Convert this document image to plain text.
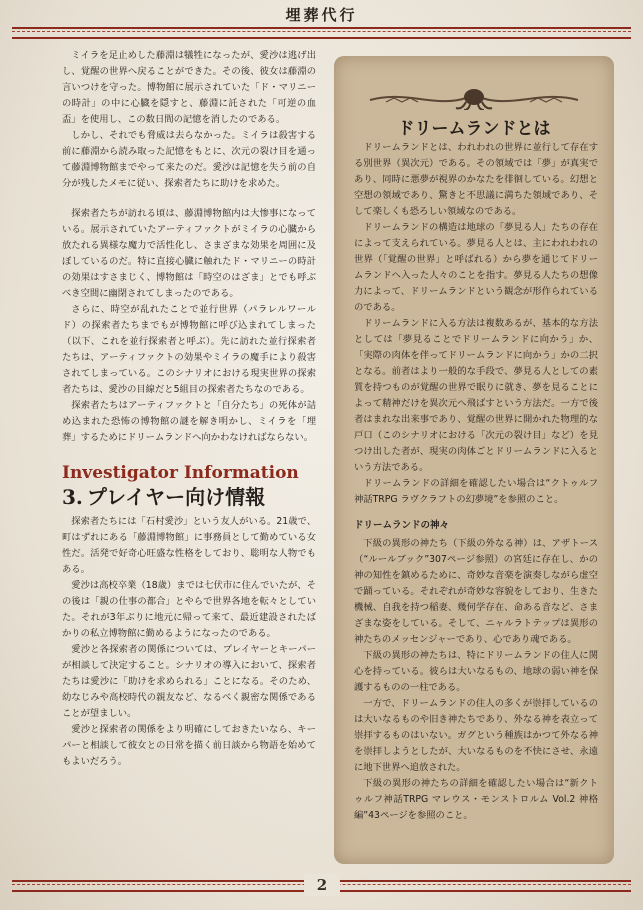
埋葬代行
2

ミイラを足止めした藤淵は犠牲になったが、愛沙は逃げ出し、覚醒の世界へ戻ることができた。その後、彼女は藤淵の言いつけを守った。博物館に展示されていた「ド・マリニーの時計」の中に心臓を隠すと、藤淵に託された「可逆の血盃」を使用し、この数日間の記憶を消したのである。

しかし、それでも脅威は去らなかった。ミイラは殺害する前に藤淵から読み取った記憶をもとに、次元の裂け目を通って藤淵博物館までやって来たのだ。愛沙は記憶を失う前の自分が残したメモに従い、探索者たちに助けを求めた。

探索者たちが訪れる頃は、藤淵博物館内は大惨事になっている。展示されていたアーティファクトがミイラの心臓から放たれる異様な魔力で活性化し、さまざまな効果を周囲に及ぼしているのだ。特に直接心臓に触れたド・マリニーの時計の効果はすさまじく、博物館は「時空のはざま」とでも呼ぶべき空間に幽閉されてしまったのである。

さらに、時空が乱れたことで並行世界（パラレルワールド）の探索者たちまでもが博物館に呼び込まれてしまった（以下、これを並行探索者と呼ぶ）。先に訪れた並行探索者たちは、アーティファクトの効果やミイラの魔手により殺害されてしまっている。このシナリオにおける現実世界の探索者たちは、愛沙の目線だと5組目の探索者たちなのである。

探索者たちはアーティファクトと「自分たち」の死体が詰め込まれた恐怖の博物館の謎を解き明かし、ミイラを「埋葬」するためにドリームランドへ向かわなければならない。

Investigator Information
3. プレイヤー向け情報

探索者たちには「石村愛沙」という友人がいる。21歳で、町はずれにある「藤淵博物館」に事務員として勤めている女性だ。活発で好奇心旺盛な性格をしており、聡明な人物でもある。

愛沙は高校卒業（18歳）までは七伏市に住んでいたが、その後は「親の仕事の都合」とやらで世界各地を転々としていた。それが3年ぶりに地元に帰って来て、最近建設されたばかりの私立博物館に勤めるようになったのである。

愛沙と各探索者の関係については、プレイヤーとキーパーが相談して決定すること。シナリオの導入において、探索者たちは愛沙に「助けを求められる」ことになる。そのため、幼なじみや高校時代の親友など、なるべく親密な関係であることが望ましい。

愛沙と探索者の関係をより明確にしておきたいなら、キーパーと相談して彼女との日常を描く前日談から物語を始めてもよいだろう。

ドリームランドとは

ドリームランドとは、われわれの世界に並行して存在する別世界（異次元）である。その領域では「夢」が真実であり、同時に悪夢が視界のかなたを徘徊している。幻想と空想の領域であり、驚きと不思議に満ちた領域であり、そして楽しくも恐ろしい領域なのである。

ドリームランドの構造は地球の「夢見る人」たちの存在によって支えられている。夢見る人とは、主にわれわれの世界（「覚醒の世界」と呼ばれる）から夢を通じてドリームランドへ入った人々のことを指す。夢見る人たちの想像力によって、ドリームランドという観念が形作られているのである。

ドリームランドに入る方法は複数あるが、基本的な方法としては「夢見ることでドリームランドに向かう」か、「実際の肉体を伴ってドリームランドに向かう」かの二択となる。前者はより一般的な手段で、夢見る人としての素質を持つものが覚醒の世界で眠りに就き、夢を見ることによって精神だけを異次元へ飛ばすという方法だ。一方で後者はまれな出来事であり、覚醒の世界に開かれた物理的な戸口（このシナリオにおける「次元の裂け目」など）を見つけ出した者が、現実の肉体ごとドリームランドに入るという方法である。

ドリームランドの詳細を確認したい場合は“クトゥルフ神話TRPG ラヴクラフトの幻夢境”を参照のこと。

ドリームランドの神々

下級の異形の神たち（下級の外なる神）は、アザトース（“ルールブック”307ページ参照）の宮廷に存在し、かの神の知性を鎮めるために、奇妙な音楽を演奏しながら虚空で踊っている。それぞれが奇妙な容貌をしており、生きた機械、自我を持つ稲妻、幾何学存在、命ある音など、さまざまな姿をしている。そして、ニャルラトテップは異形の神たちのメッセンジャーであり、心であり魂である。

下級の異形の神たちは、特にドリームランドの住人に関心を持っている。彼らは大いなるもの、地球の弱い神を保護するものの一柱である。

一方で、ドリームランドの住人の多くが崇拝しているのは大いなるものや旧き神たちであり、外なる神を表立って崇拝するものはいない。ガグという種族はかつて外なる神を崇拝しようとしたが、大いなるものを不快にさせ、永遠に地下世界へ追放された。

下級の異形の神たちの詳細を確認したい場合は“新クトゥルフ神話TRPG マレウス・モンストロルム Vol.2 神格編”43ページを参照のこと。
